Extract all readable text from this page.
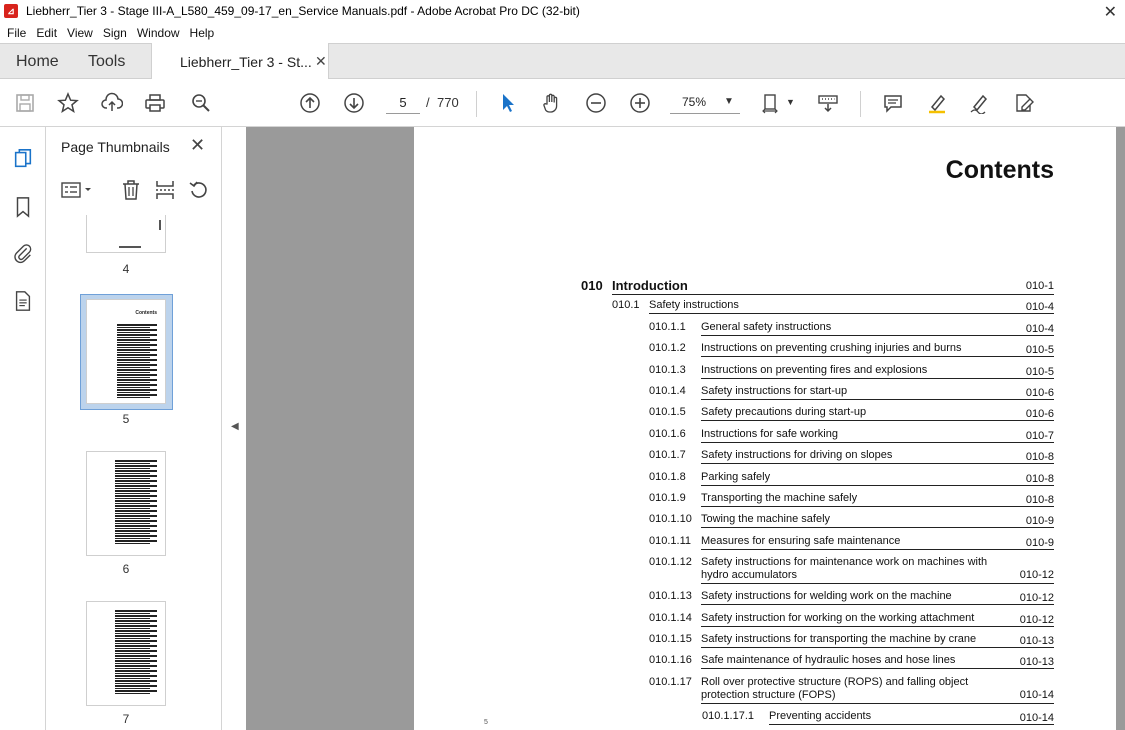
⊿ Liebherr_Tier 3 - Stage III-A_L580_459_09-17_en_Service Manuals.pdf - Adobe Acrobat Pro DC (32-bit)	✕
File Edit View Sign Window Help
Home Tools	Liebherr_Tier 3 - St... ✕
5
/ 770	75% ▼	▼
Page Thumbnails ✕
4
Contents
5
6
7
◀
Contents
010 Introduction	010-1
010.1 Safety instructions	010-4
010.1.1 General safety instructions	010-4
010.1.2 Instructions on preventing crushing injuries and burns	010-5
010.1.3 Instructions on preventing fires and explosions	010-5
010.1.4 Safety instructions for start-up	010-6
010.1.5 Safety precautions during start-up	010-6
010.1.6 Instructions for safe working	010-7
010.1.7 Safety instructions for driving on slopes	010-8
010.1.8 Parking safely	010-8
010.1.9 Transporting the machine safely	010-8
010.1.10 Towing the machine safely	010-9
010.1.11 Measures for ensuring safe maintenance	010-9
010.1.12 Safety instructions for maintenance work on machines with hydro accumulators	010-12
010.1.13 Safety instructions for welding work on the machine	010-12
010.1.14 Safety instruction for working on the working attachment	010-12
010.1.15 Safety instructions for transporting the machine by crane	010-13
010.1.16 Safe maintenance of hydraulic hoses and hose lines	010-13
010.1.17 Roll over protective structure (ROPS) and falling object protection structure (FOPS)	010-14
010.1.17.1 Preventing accidents	010-14
5
